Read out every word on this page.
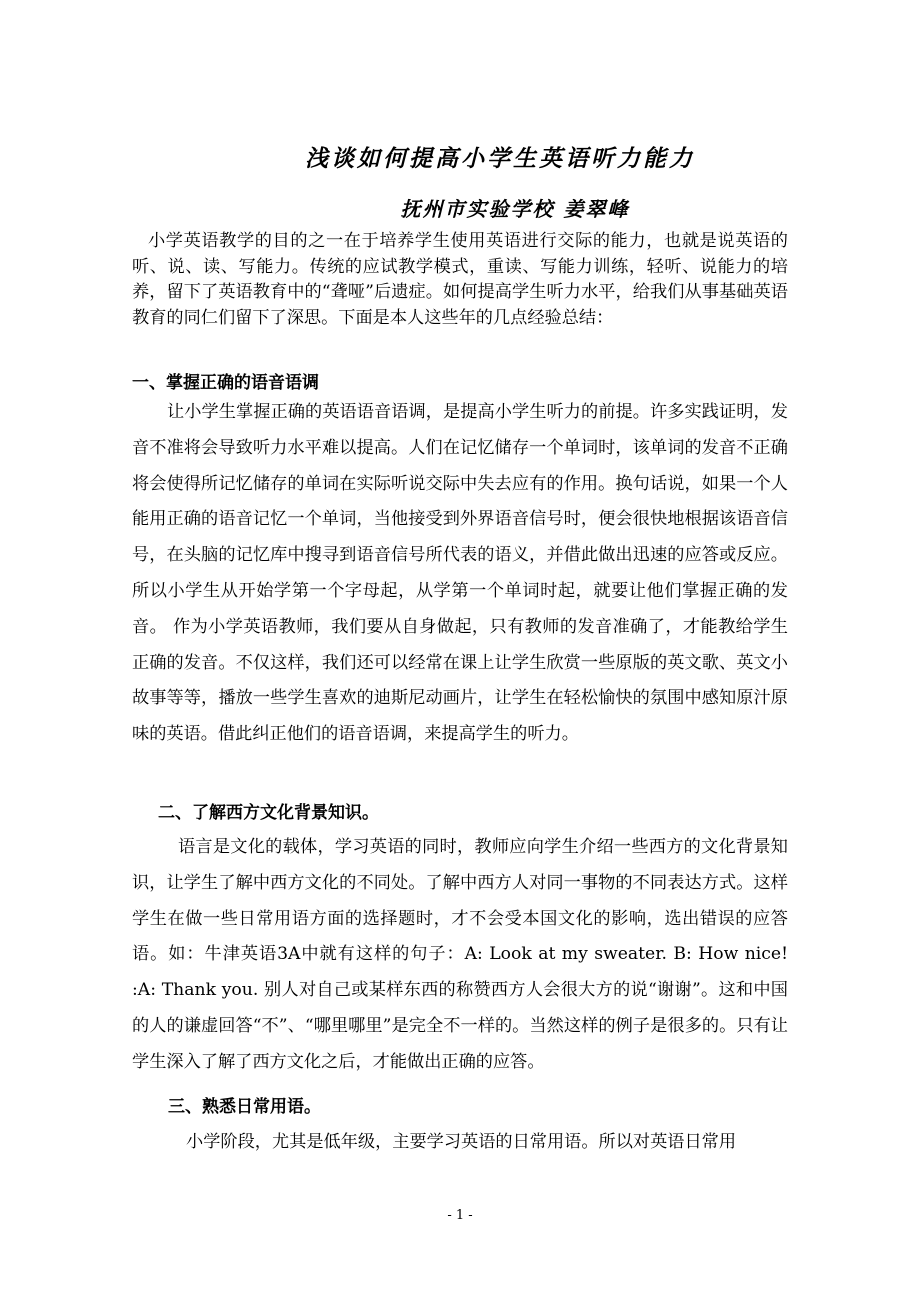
浅谈如何提高小学生英语听力能力
抚州市实验学校 姜翠峰

小学英语教学的目的之一在于培养学生使用英语进行交际的能力，也就是说英语的听、说、读、写能力。传统的应试教学模式，重读、写能力训练，轻听、说能力的培养，留下了英语教育中的“聋哑”后遗症。如何提高学生听力水平，给我们从事基础英语教育的同仁们留下了深思。下面是本人这些年的几点经验总结：

一、掌握正确的语音语调

让小学生掌握正确的英语语音语调，是提高小学生听力的前提。许多实践证明，发音不准将会导致听力水平难以提高。人们在记忆储存一个单词时，该单词的发音不正确将会使得所记忆储存的单词在实际听说交际中失去应有的作用。换句话说，如果一个人能用正确的语音记忆一个单词，当他接受到外界语音信号时，便会很快地根据该语音信号，在头脑的记忆库中搜寻到语音信号所代表的语义，并借此做出迅速的应答或反应。所以小学生从开始学第一个字母起，从学第一个单词时起，就要让他们掌握正确的发音。 作为小学英语教师，我们要从自身做起，只有教师的发音准确了，才能教给学生正确的发音。不仅这样，我们还可以经常在课上让学生欣赏一些原版的英文歌、英文小故事等等，播放一些学生喜欢的迪斯尼动画片，让学生在轻松愉快的氛围中感知原汁原味的英语。借此纠正他们的语音语调，来提高学生的听力。

二、了解西方文化背景知识。

语言是文化的载体，学习英语的同时，教师应向学生介绍一些西方的文化背景知识，让学生了解中西方文化的不同处。了解中西方人对同一事物的不同表达方式。这样学生在做一些日常用语方面的选择题时，才不会受本国文化的影响，选出错误的应答语。如：牛津英语3A中就有这样的句子：A: Look at my sweater. B: How nice! :A: Thank you. 别人对自己或某样东西的称赞西方人会很大方的说“谢谢”。这和中国的人的谦虚回答“不”、“哪里哪里”是完全不一样的。当然这样的例子是很多的。只有让学生深入了解了西方文化之后，才能做出正确的应答。

三、熟悉日常用语。

小学阶段，尤其是低年级，主要学习英语的日常用语。所以对英语日常用

- 1 -
